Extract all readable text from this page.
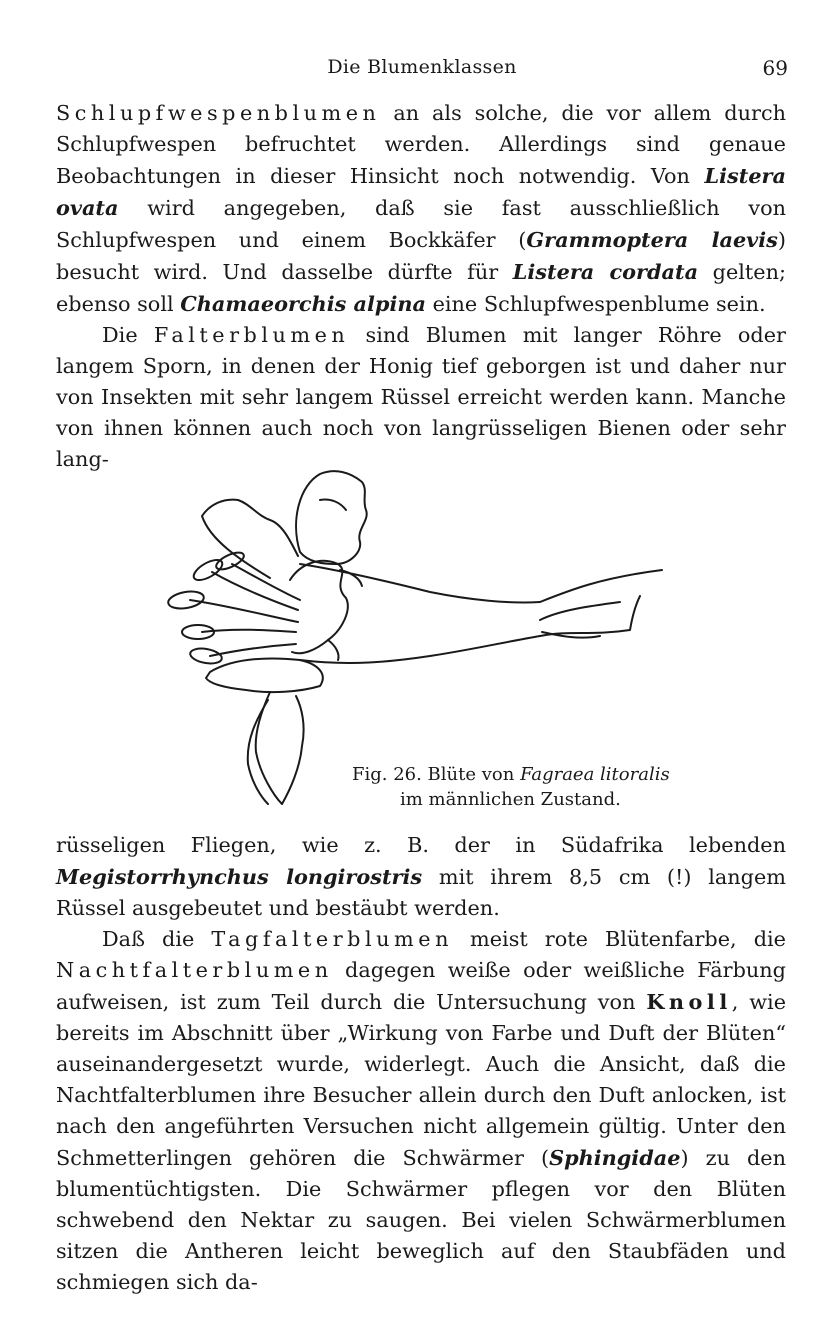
Die Blumenklassen	69

Schlupfwespenblumen an als solche, die vor allem durch Schlupfwespen befruchtet werden. Allerdings sind genaue Beobachtungen in dieser Hinsicht noch notwendig. Von Listera ovata wird angegeben, daß sie fast ausschließlich von Schlupfwespen und einem Bockkäfer (Grammoptera laevis) besucht wird. Und dasselbe dürfte für Listera cordata gelten; ebenso soll Chamaeorchis alpina eine Schlupfwespenblume sein.

Die Falterblumen sind Blumen mit langer Röhre oder langem Sporn, in denen der Honig tief geborgen ist und daher nur von Insekten mit sehr langem Rüssel erreicht werden kann. Manche von ihnen können auch noch von langrüsseligen Bienen oder sehr lang-

Fig. 26. Blüte von Fagraea litoralis
im männlichen Zustand.

rüsseligen Fliegen, wie z. B. der in Südafrika lebenden Megistorrhynchus longirostris mit ihrem 8,5 cm (!) langem Rüssel ausgebeutet und bestäubt werden.

Daß die Tagfalterblumen meist rote Blütenfarbe, die Nachtfalterblumen dagegen weiße oder weißliche Färbung aufweisen, ist zum Teil durch die Untersuchung von Knoll, wie bereits im Abschnitt über „Wirkung von Farbe und Duft der Blüten“ auseinandergesetzt wurde, widerlegt. Auch die Ansicht, daß die Nachtfalterblumen ihre Besucher allein durch den Duft anlocken, ist nach den angeführten Versuchen nicht allgemein gültig. Unter den Schmetterlingen gehören die Schwärmer (Sphingidae) zu den blumentüchtigsten. Die Schwärmer pflegen vor den Blüten schwebend den Nektar zu saugen. Bei vielen Schwärmerblumen sitzen die Antheren leicht beweglich auf den Staubfäden und schmiegen sich da-
